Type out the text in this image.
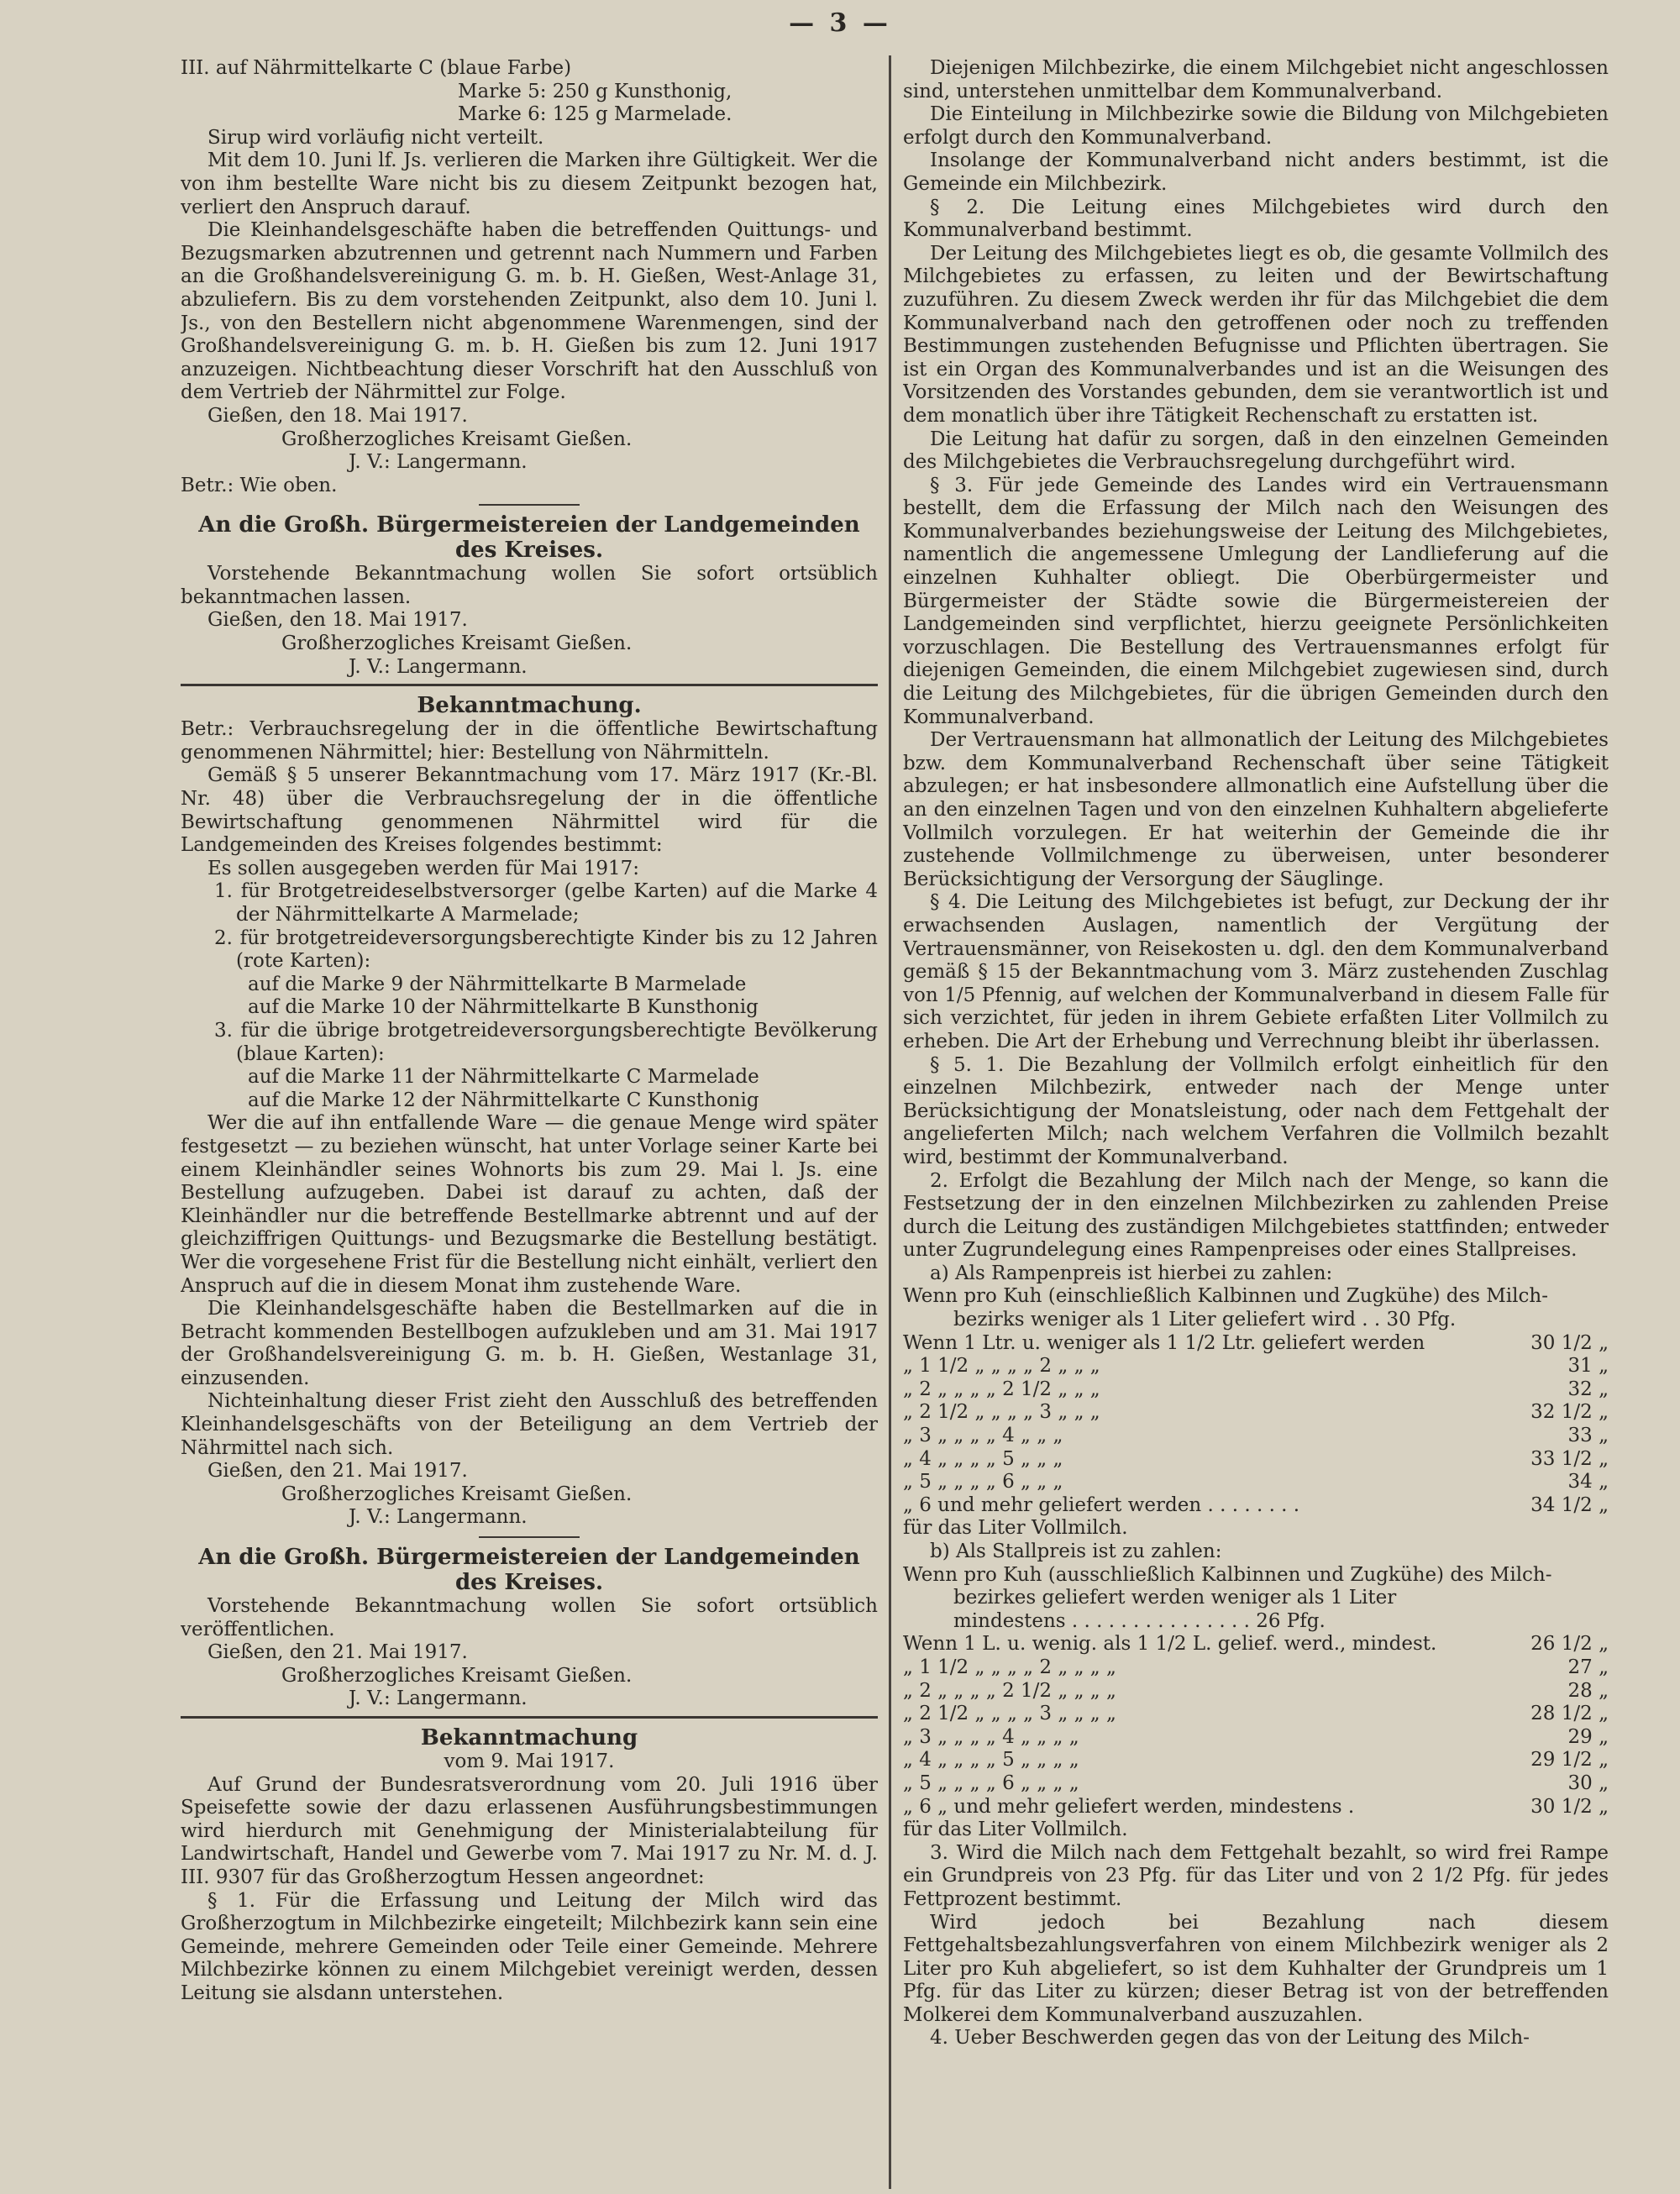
— 3 —

III. auf Nährmittelkarte C (blaue Farbe)

Marke 5: 250 g Kunsthonig,

Marke 6: 125 g Marmelade.

Sirup wird vorläufig nicht verteilt.

Mit dem 10. Juni lf. Js. verlieren die Marken ihre Gültigkeit. Wer die von ihm bestellte Ware nicht bis zu diesem Zeitpunkt bezogen hat, verliert den Anspruch darauf.

Die Kleinhandelsgeschäfte haben die betreffenden Quittungs- und Bezugsmarken abzutrennen und getrennt nach Nummern und Farben an die Großhandelsvereinigung G. m. b. H. Gießen, West-Anlage 31, abzuliefern. Bis zu dem vorstehenden Zeitpunkt, also dem 10. Juni l. Js., von den Bestellern nicht abgenommene Warenmengen, sind der Großhandelsvereinigung G. m. b. H. Gießen bis zum 12. Juni 1917 anzuzeigen. Nichtbeachtung dieser Vorschrift hat den Ausschluß von dem Vertrieb der Nährmittel zur Folge.

Gießen, den 18. Mai 1917.

Großherzogliches Kreisamt Gießen.

J. V.: Langermann.

Betr.: Wie oben.

An die Großh. Bürgermeistereien der Landgemeinden des Kreises.

Vorstehende Bekanntmachung wollen Sie sofort ortsüblich bekanntmachen lassen.

Gießen, den 18. Mai 1917.

Großherzogliches Kreisamt Gießen.

J. V.: Langermann.

Bekanntmachung.

Betr.: Verbrauchsregelung der in die öffentliche Bewirtschaftung genommenen Nährmittel; hier: Bestellung von Nährmitteln.

Gemäß § 5 unserer Bekanntmachung vom 17. März 1917 (Kr.-Bl. Nr. 48) über die Verbrauchsregelung der in die öffentliche Bewirtschaftung genommenen Nährmittel wird für die Landgemeinden des Kreises folgendes bestimmt:

Es sollen ausgegeben werden für Mai 1917:

1. für Brotgetreideselbstversorger (gelbe Karten) auf die Marke 4 der Nährmittelkarte A Marmelade;

2. für brotgetreideversorgungsberechtigte Kinder bis zu 12 Jahren (rote Karten):

auf die Marke 9 der Nährmittelkarte B Marmelade

auf die Marke 10 der Nährmittelkarte B Kunsthonig

3. für die übrige brotgetreideversorgungsberechtigte Bevölkerung (blaue Karten):

auf die Marke 11 der Nährmittelkarte C Marmelade

auf die Marke 12 der Nährmittelkarte C Kunsthonig

Wer die auf ihn entfallende Ware — die genaue Menge wird später festgesetzt — zu beziehen wünscht, hat unter Vorlage seiner Karte bei einem Kleinhändler seines Wohnorts bis zum 29. Mai l. Js. eine Bestellung aufzugeben. Dabei ist darauf zu achten, daß der Kleinhändler nur die betreffende Bestellmarke abtrennt und auf der gleichziffrigen Quittungs- und Bezugsmarke die Bestellung bestätigt. Wer die vorgesehene Frist für die Bestellung nicht einhält, verliert den Anspruch auf die in diesem Monat ihm zustehende Ware.

Die Kleinhandelsgeschäfte haben die Bestellmarken auf die in Betracht kommenden Bestellbogen aufzukleben und am 31. Mai 1917 der Großhandelsvereinigung G. m. b. H. Gießen, Westanlage 31, einzusenden.

Nichteinhaltung dieser Frist zieht den Ausschluß des betreffenden Kleinhandelsgeschäfts von der Beteiligung an dem Vertrieb der Nährmittel nach sich.

Gießen, den 21. Mai 1917.

Großherzogliches Kreisamt Gießen.

J. V.: Langermann.

An die Großh. Bürgermeistereien der Landgemeinden des Kreises.

Vorstehende Bekanntmachung wollen Sie sofort ortsüblich veröffentlichen.

Gießen, den 21. Mai 1917.

Großherzogliches Kreisamt Gießen.

J. V.: Langermann.

Bekanntmachung

vom 9. Mai 1917.

Auf Grund der Bundesratsverordnung vom 20. Juli 1916 über Speisefette sowie der dazu erlassenen Ausführungsbestimmungen wird hierdurch mit Genehmigung der Ministerialabteilung für Landwirtschaft, Handel und Gewerbe vom 7. Mai 1917 zu Nr. M. d. J. III. 9307 für das Großherzogtum Hessen angeordnet:

§ 1. Für die Erfassung und Leitung der Milch wird das Großherzogtum in Milchbezirke eingeteilt; Milchbezirk kann sein eine Gemeinde, mehrere Gemeinden oder Teile einer Gemeinde. Mehrere Milchbezirke können zu einem Milchgebiet vereinigt werden, dessen Leitung sie alsdann unterstehen.

Diejenigen Milchbezirke, die einem Milchgebiet nicht angeschlossen sind, unterstehen unmittelbar dem Kommunalverband.

Die Einteilung in Milchbezirke sowie die Bildung von Milchgebieten erfolgt durch den Kommunalverband.

Insolange der Kommunalverband nicht anders bestimmt, ist die Gemeinde ein Milchbezirk.

§ 2. Die Leitung eines Milchgebietes wird durch den Kommunalverband bestimmt.

Der Leitung des Milchgebietes liegt es ob, die gesamte Vollmilch des Milchgebietes zu erfassen, zu leiten und der Bewirtschaftung zuzuführen. Zu diesem Zweck werden ihr für das Milchgebiet die dem Kommunalverband nach den getroffenen oder noch zu treffenden Bestimmungen zustehenden Befugnisse und Pflichten übertragen. Sie ist ein Organ des Kommunalverbandes und ist an die Weisungen des Vorsitzenden des Vorstandes gebunden, dem sie verantwortlich ist und dem monatlich über ihre Tätigkeit Rechenschaft zu erstatten ist.

Die Leitung hat dafür zu sorgen, daß in den einzelnen Gemeinden des Milchgebietes die Verbrauchsregelung durchgeführt wird.

§ 3. Für jede Gemeinde des Landes wird ein Vertrauensmann bestellt, dem die Erfassung der Milch nach den Weisungen des Kommunalverbandes beziehungsweise der Leitung des Milchgebietes, namentlich die angemessene Umlegung der Landlieferung auf die einzelnen Kuhhalter obliegt. Die Oberbürgermeister und Bürgermeister der Städte sowie die Bürgermeistereien der Landgemeinden sind verpflichtet, hierzu geeignete Persönlichkeiten vorzuschlagen. Die Bestellung des Vertrauensmannes erfolgt für diejenigen Gemeinden, die einem Milchgebiet zugewiesen sind, durch die Leitung des Milchgebietes, für die übrigen Gemeinden durch den Kommunalverband.

Der Vertrauensmann hat allmonatlich der Leitung des Milchgebietes bzw. dem Kommunalverband Rechenschaft über seine Tätigkeit abzulegen; er hat insbesondere allmonatlich eine Aufstellung über die an den einzelnen Tagen und von den einzelnen Kuhhaltern abgelieferte Vollmilch vorzulegen. Er hat weiterhin der Gemeinde die ihr zustehende Vollmilchmenge zu überweisen, unter besonderer Berücksichtigung der Versorgung der Säuglinge.

§ 4. Die Leitung des Milchgebietes ist befugt, zur Deckung der ihr erwachsenden Auslagen, namentlich der Vergütung der Vertrauensmänner, von Reisekosten u. dgl. den dem Kommunalverband gemäß § 15 der Bekanntmachung vom 3. März zustehenden Zuschlag von 1/5 Pfennig, auf welchen der Kommunalverband in diesem Falle für sich verzichtet, für jeden in ihrem Gebiete erfaßten Liter Vollmilch zu erheben. Die Art der Erhebung und Verrechnung bleibt ihr überlassen.

§ 5. 1. Die Bezahlung der Vollmilch erfolgt einheitlich für den einzelnen Milchbezirk, entweder nach der Menge unter Berücksichtigung der Monatsleistung, oder nach dem Fettgehalt der angelieferten Milch; nach welchem Verfahren die Vollmilch bezahlt wird, bestimmt der Kommunalverband.

2. Erfolgt die Bezahlung der Milch nach der Menge, so kann die Festsetzung der in den einzelnen Milchbezirken zu zahlenden Preise durch die Leitung des zuständigen Milchgebietes stattfinden; entweder unter Zugrundelegung eines Rampenpreises oder eines Stallpreises.

a) Als Rampenpreis ist hierbei zu zahlen:

Wenn pro Kuh (einschließlich Kalbinnen und Zugkühe) des Milch-

bezirks weniger als 1 Liter geliefert wird . . 30 Pfg.

Wenn 1 Ltr. u. weniger als 1 1/2 Ltr. geliefert werden	30 1/2 „
„ 1 1/2 „ „ „ „ 2 „ „ „	31 „
„ 2 „ „ „ „ 2 1/2 „ „ „	32 „
„ 2 1/2 „ „ „ „ 3 „ „ „	32 1/2 „
„ 3 „ „ „ „ 4 „ „ „	33 „
„ 4 „ „ „ „ 5 „ „ „	33 1/2 „
„ 5 „ „ „ „ 6 „ „ „	34 „
„ 6 und mehr geliefert werden . . . . . . . .	34 1/2 „

für das Liter Vollmilch.

b) Als Stallpreis ist zu zahlen:

Wenn pro Kuh (ausschließlich Kalbinnen und Zugkühe) des Milch-

bezirkes geliefert werden weniger als 1 Liter

mindestens . . . . . . . . . . . . . . . 26 Pfg.

Wenn 1 L. u. wenig. als 1 1/2 L. gelief. werd., mindest.	26 1/2 „
„ 1 1/2 „ „ „ „ 2 „ „ „ „	27 „
„ 2 „ „ „ „ 2 1/2 „ „ „ „	28 „
„ 2 1/2 „ „ „ „ 3 „ „ „ „	28 1/2 „
„ 3 „ „ „ „ 4 „ „ „ „	29 „
„ 4 „ „ „ „ 5 „ „ „ „	29 1/2 „
„ 5 „ „ „ „ 6 „ „ „ „	30 „
„ 6 „ und mehr geliefert werden, mindestens .	30 1/2 „

für das Liter Vollmilch.

3. Wird die Milch nach dem Fettgehalt bezahlt, so wird frei Rampe ein Grundpreis von 23 Pfg. für das Liter und von 2 1/2 Pfg. für jedes Fettprozent bestimmt.

Wird jedoch bei Bezahlung nach diesem Fettgehaltsbezahlungsverfahren von einem Milchbezirk weniger als 2 Liter pro Kuh abgeliefert, so ist dem Kuhhalter der Grundpreis um 1 Pfg. für das Liter zu kürzen; dieser Betrag ist von der betreffenden Molkerei dem Kommunalverband auszuzahlen.

4. Ueber Beschwerden gegen das von der Leitung des Milch-
